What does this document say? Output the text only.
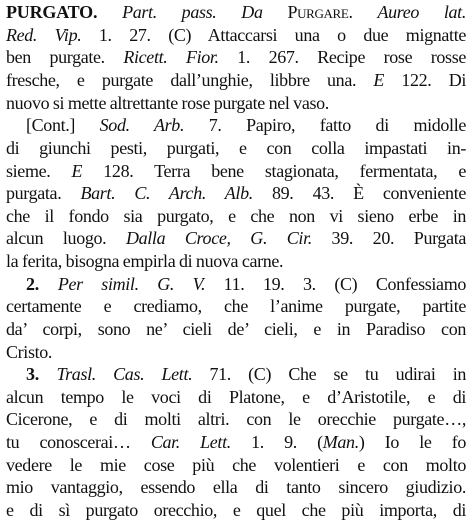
PURGATO. Part. pass. Da Purgare. Aureo lat.
Red. Vip. 1. 27. (C) Attaccarsi una o due mignatte
ben purgate. Ricett. Fior. 1. 267. Recipe rose rosse
fresche, e purgate dall’unghie, libbre una. E 122. Di
nuovo si mette altrettante rose purgate nel vaso.
[Cont.] Sod. Arb. 7. Papiro, fatto di midolle
di giunchi pesti, purgati, e con colla impastati in-
sieme. E 128. Terra bene stagionata, fermentata, e
purgata. Bart. C. Arch. Alb. 89. 43. È conveniente
che il fondo sia purgato, e che non vi sieno erbe in
alcun luogo. Dalla Croce, G. Cir. 39. 20. Purgata
la ferita, bisogna empirla di nuova carne.
2. Per simil. G. V. 11. 19. 3. (C) Confessiamo
certamente e crediamo, che l’anime purgate, partite
da’ corpi, sono ne’ cieli de’ cieli, e in Paradiso con
Cristo.
3. Trasl. Cas. Lett. 71. (C) Che se tu udirai in
alcun tempo le voci di Platone, e d’Aristotile, e di
Cicerone, e di molti altri. con le orecchie purgate…,
tu conoscerai… Car. Lett. 1. 9. (Man.) Io le fo
vedere le mie cose più che volentieri e con molto
mio vantaggio, essendo ella di tanto sincero giudizio.
e di sì purgato orecchio, e quel che più importa, di
